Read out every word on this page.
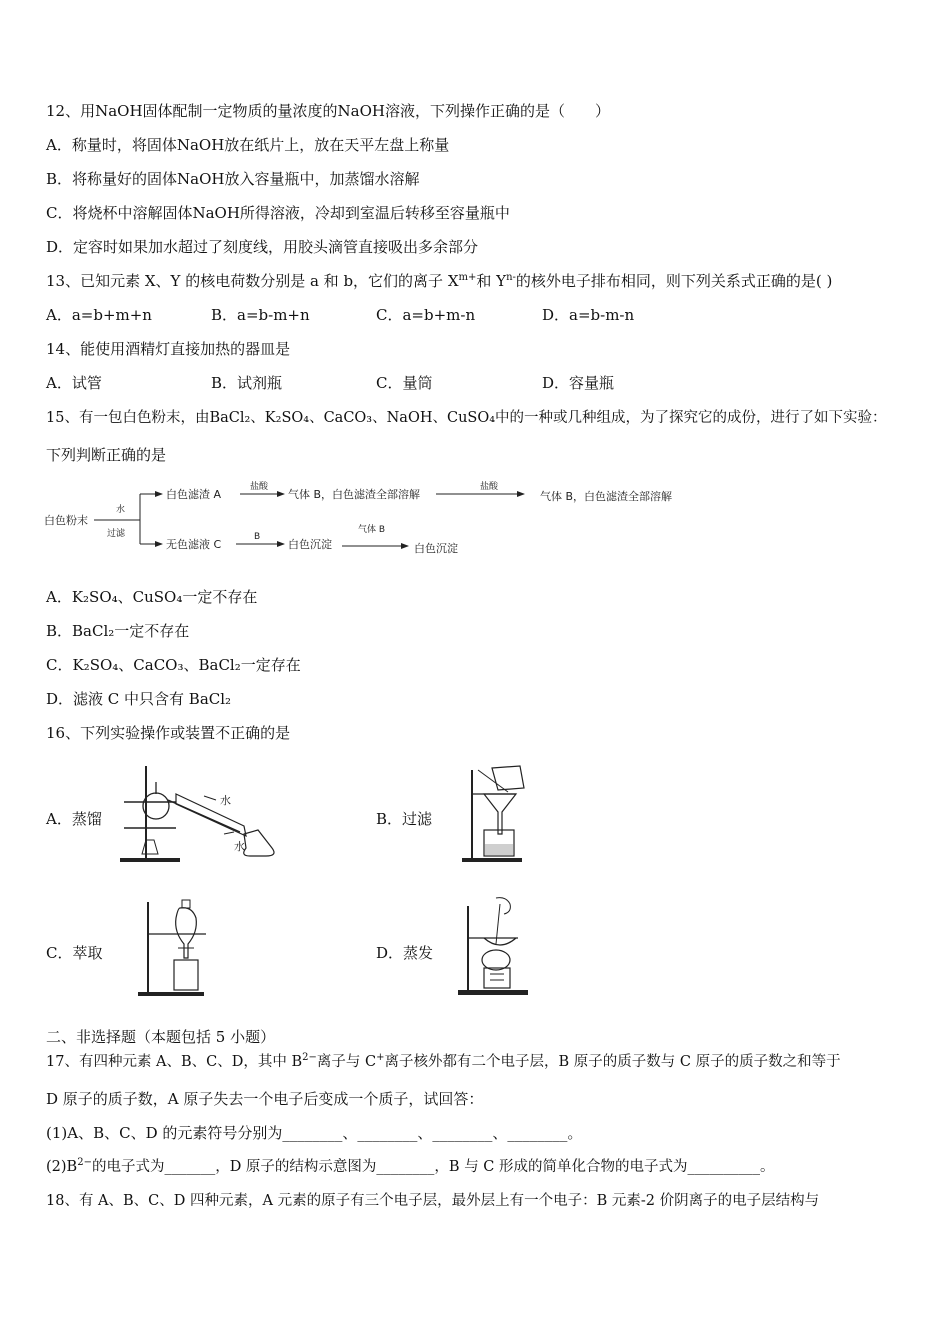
12、用NaOH固体配制一定物质的量浓度的NaOH溶液，下列操作正确的是（　　）
A．称量时，将固体NaOH放在纸片上，放在天平左盘上称量
B．将称量好的固体NaOH放入容量瓶中，加蒸馏水溶解
C．将烧杯中溶解固体NaOH所得溶液，冷却到室温后转移至容量瓶中
D．定容时如果加水超过了刻度线，用胶头滴管直接吸出多余部分
13、已知元素 X、Y 的核电荷数分别是 a 和 b，它们的离子 $X^{m+}$和 $Y^{n-}$的核外电子排布相同，则下列关系式正确的是( )
A．a=b+m+n	B．a=b-m+n	C．a=b+m-n	D．a=b-m-n
14、能使用酒精灯直接加热的器皿是
A．试管	B．试剂瓶	C．量筒	D．容量瓶
15、有一包白色粉末，由BaCl₂、K₂SO₄、CaCO₃、NaOH、CuSO₄中的一种或几种组成，为了探究它的成份，进行了如下实验：
下列判断正确的是
白色粉末
水
过滤
白色滤渣 A
盐酸
气体 B，白色滤渣全部溶解
盐酸
气体 B，白色滤渣全部溶解
无色滤液 C
B
白色沉淀
气体 B
白色沉淀
A．K₂SO₄、CuSO₄一定不存在
B．BaCl₂一定不存在
C．K₂SO₄、CaCO₃、BaCl₂一定存在
D．滤液 C 中只含有 BaCl₂
16、下列实验操作或装置不正确的是
A．蒸馏
水
水
B．过滤
C．萃取	D．蒸发
二、非选择题（本题包括 5 小题）
17、有四种元素 A、B、C、D，其中 $B^{2-}$离子与 C+离子核外都有二个电子层，B 原子的质子数与 C 原子的质子数之和等于
D 原子的质子数，A 原子失去一个电子后变成一个质子，试回答：
(1)A、B、C、D 的元素符号分别为________、________、________、________。
$(2)B^{2-}$的电子式为_______，D 原子的结构示意图为________，B 与 C 形成的简单化合物的电子式为__________。
18、有 A、B、C、D 四种元素，A 元素的原子有三个电子层，最外层上有一个电子：B 元素-2 价阴离子的电子层结构与
